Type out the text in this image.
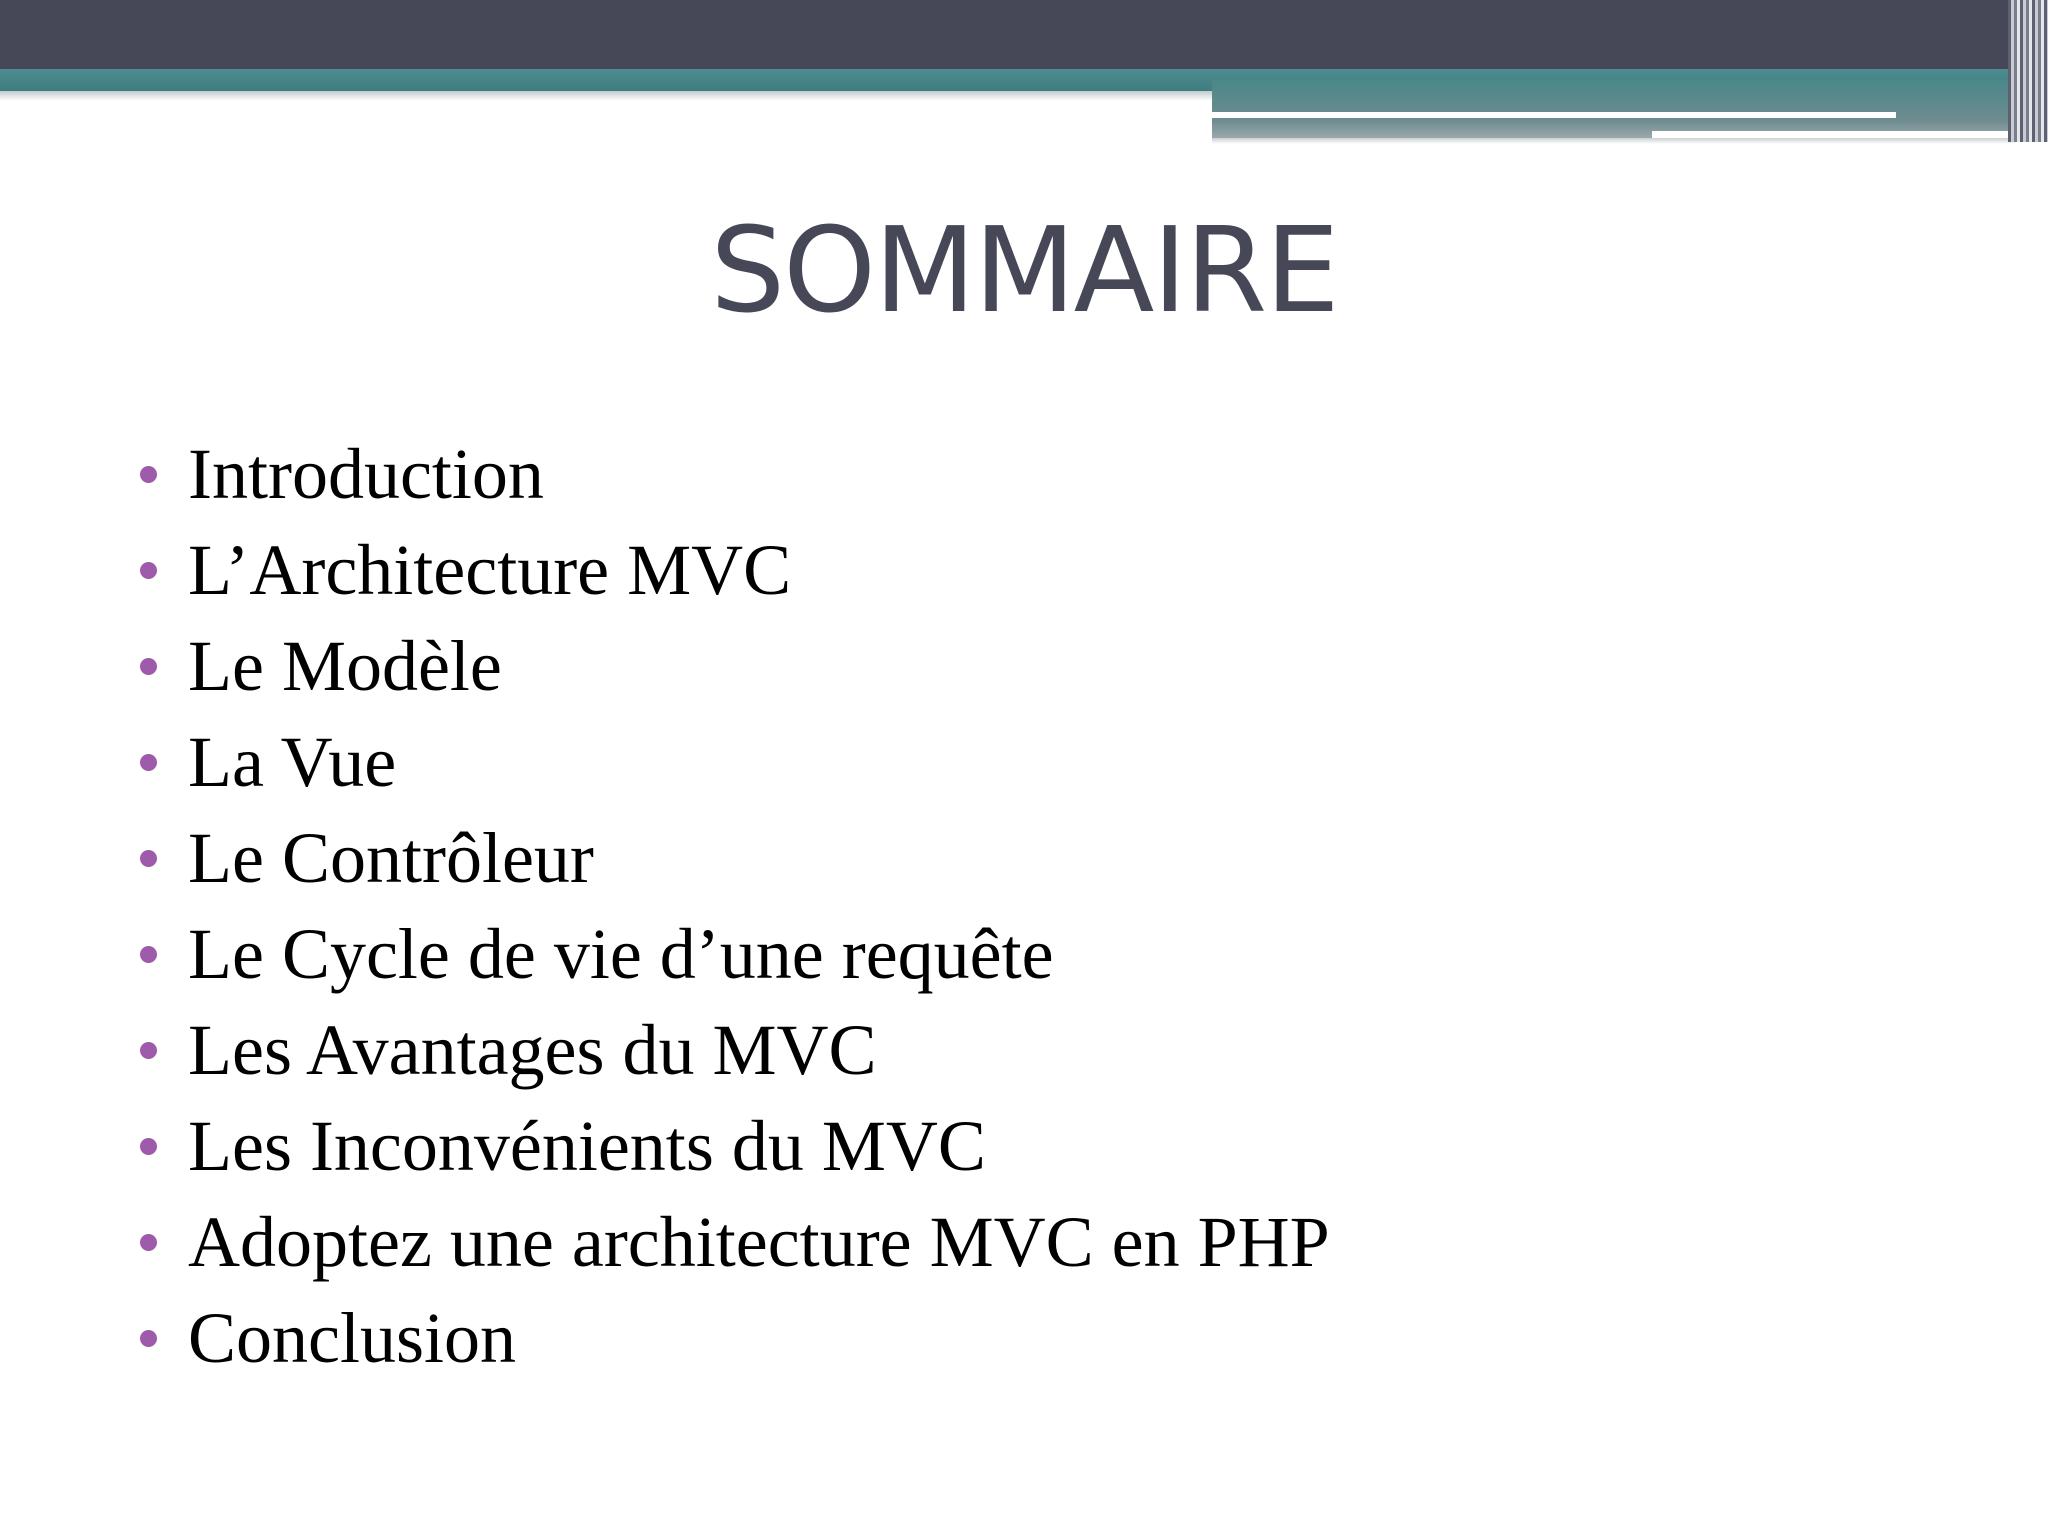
SOMMAIRE
Introduction
L’Architecture MVC
Le Modèle
La Vue
Le Contrôleur
Le Cycle de vie d’une requête
Les Avantages du MVC
Les Inconvénients du MVC
Adoptez une architecture MVC en PHP
Conclusion
